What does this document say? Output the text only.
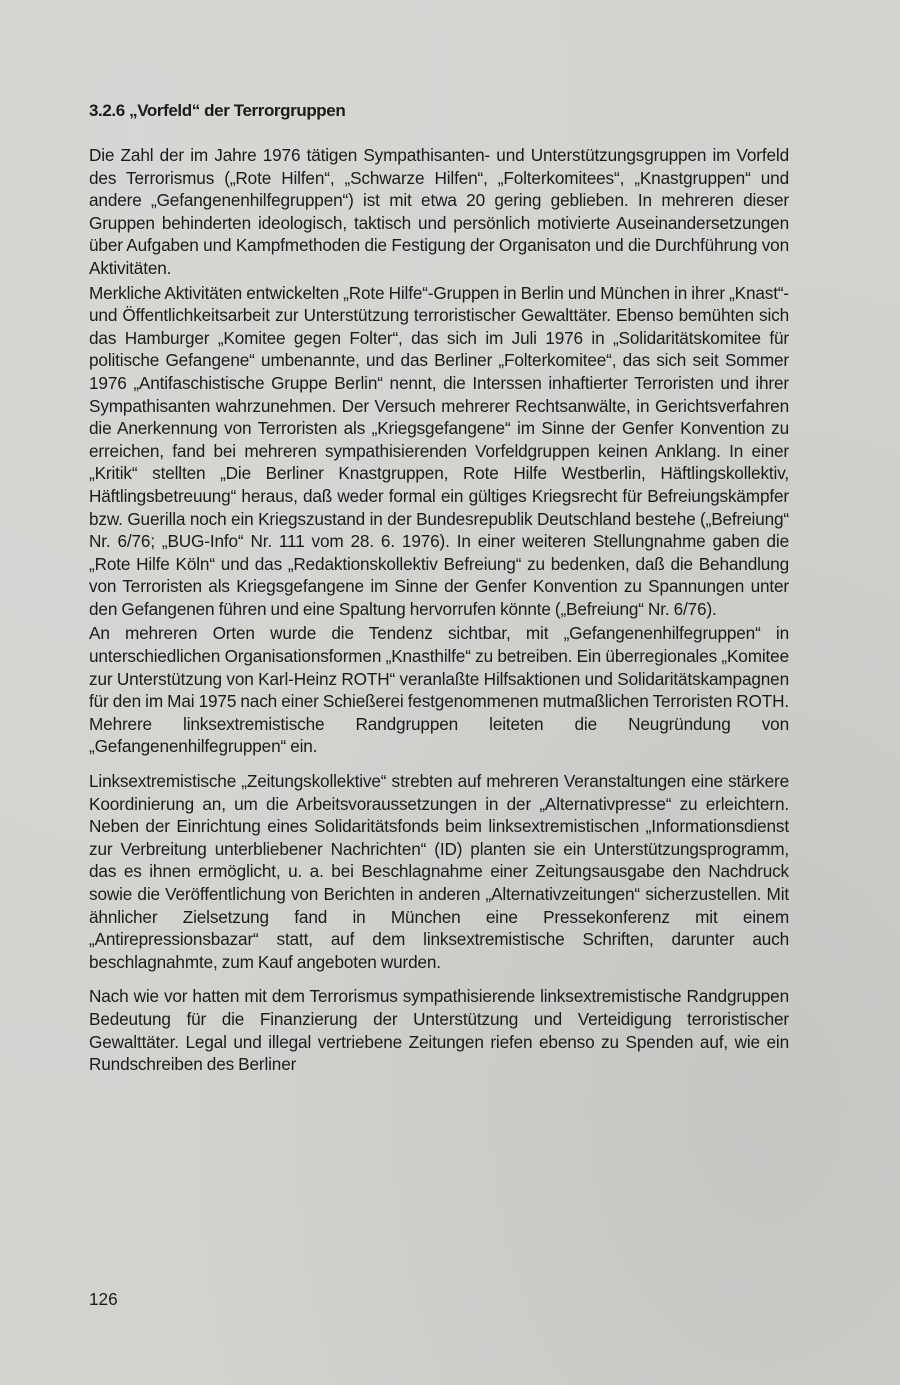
3.2.6 „Vorfeld“ der Terrorgruppen

Die Zahl der im Jahre 1976 tätigen Sympathisanten- und Unterstützungsgruppen im Vorfeld des Terrorismus („Rote Hilfen“, „Schwarze Hilfen“, „Folterkomitees“, „Knastgruppen“ und andere „Gefangenenhilfegruppen“) ist mit etwa 20 gering geblieben. In mehreren dieser Gruppen behinderten ideologisch, taktisch und persönlich motivierte Auseinandersetzungen über Aufgaben und Kampfmethoden die Festigung der Organisaton und die Durchführung von Aktivitäten.

Merkliche Aktivitäten entwickelten „Rote Hilfe“-Gruppen in Berlin und München in ihrer „Knast“- und Öffentlichkeitsarbeit zur Unterstützung terroristischer Gewalttäter. Ebenso bemühten sich das Hamburger „Komitee gegen Folter“, das sich im Juli 1976 in „Solidaritätskomitee für politische Gefangene“ umbenannte, und das Berliner „Folterkomitee“, das sich seit Sommer 1976 „Antifaschistische Gruppe Berlin“ nennt, die Interssen inhaftierter Terroristen und ihrer Sympathisanten wahrzunehmen. Der Versuch mehrerer Rechtsanwälte, in Gerichtsverfahren die Anerkennung von Terroristen als „Kriegsgefangene“ im Sinne der Genfer Konvention zu erreichen, fand bei mehreren sympathisierenden Vorfeldgruppen keinen Anklang. In einer „Kritik“ stellten „Die Berliner Knastgruppen, Rote Hilfe Westberlin, Häftlingskollektiv, Häftlingsbetreuung“ heraus, daß weder formal ein gültiges Kriegsrecht für Befreiungskämpfer bzw. Guerilla noch ein Kriegszustand in der Bundesrepublik Deutschland bestehe („Befreiung“ Nr. 6/76; „BUG-Info“ Nr. 111 vom 28. 6. 1976). In einer weiteren Stellungnahme gaben die „Rote Hilfe Köln“ und das „Redaktionskollektiv Befreiung“ zu bedenken, daß die Behandlung von Terroristen als Kriegsgefangene im Sinne der Genfer Konvention zu Spannungen unter den Gefangenen führen und eine Spaltung hervorrufen könnte („Befreiung“ Nr. 6/76).

An mehreren Orten wurde die Tendenz sichtbar, mit „Gefangenenhilfegruppen“ in unterschiedlichen Organisationsformen „Knasthilfe“ zu betreiben. Ein überregionales „Komitee zur Unterstützung von Karl-Heinz ROTH“ veranlaßte Hilfsaktionen und Solidaritätskampagnen für den im Mai 1975 nach einer Schießerei festgenommenen mutmaßlichen Terroristen ROTH. Mehrere linksextremistische Randgruppen leiteten die Neugründung von „Gefangenenhilfegruppen“ ein.

Linksextremistische „Zeitungskollektive“ strebten auf mehreren Veranstaltungen eine stärkere Koordinierung an, um die Arbeitsvoraussetzungen in der „Alternativpresse“ zu erleichtern. Neben der Einrichtung eines Solidaritätsfonds beim linksextremistischen „Informationsdienst zur Verbreitung unterbliebener Nachrichten“ (ID) planten sie ein Unterstützungsprogramm, das es ihnen ermöglicht, u. a. bei Beschlagnahme einer Zeitungsausgabe den Nachdruck sowie die Veröffentlichung von Berichten in anderen „Alternativzeitungen“ sicherzustellen. Mit ähnlicher Zielsetzung fand in München eine Pressekonferenz mit einem „Antirepressionsbazar“ statt, auf dem linksextremistische Schriften, darunter auch beschlagnahmte, zum Kauf angeboten wurden.

Nach wie vor hatten mit dem Terrorismus sympathisierende linksextremistische Randgruppen Bedeutung für die Finanzierung der Unterstützung und Verteidigung terroristischer Gewalttäter. Legal und illegal vertriebene Zeitungen riefen ebenso zu Spenden auf, wie ein Rundschreiben des Berliner

126
